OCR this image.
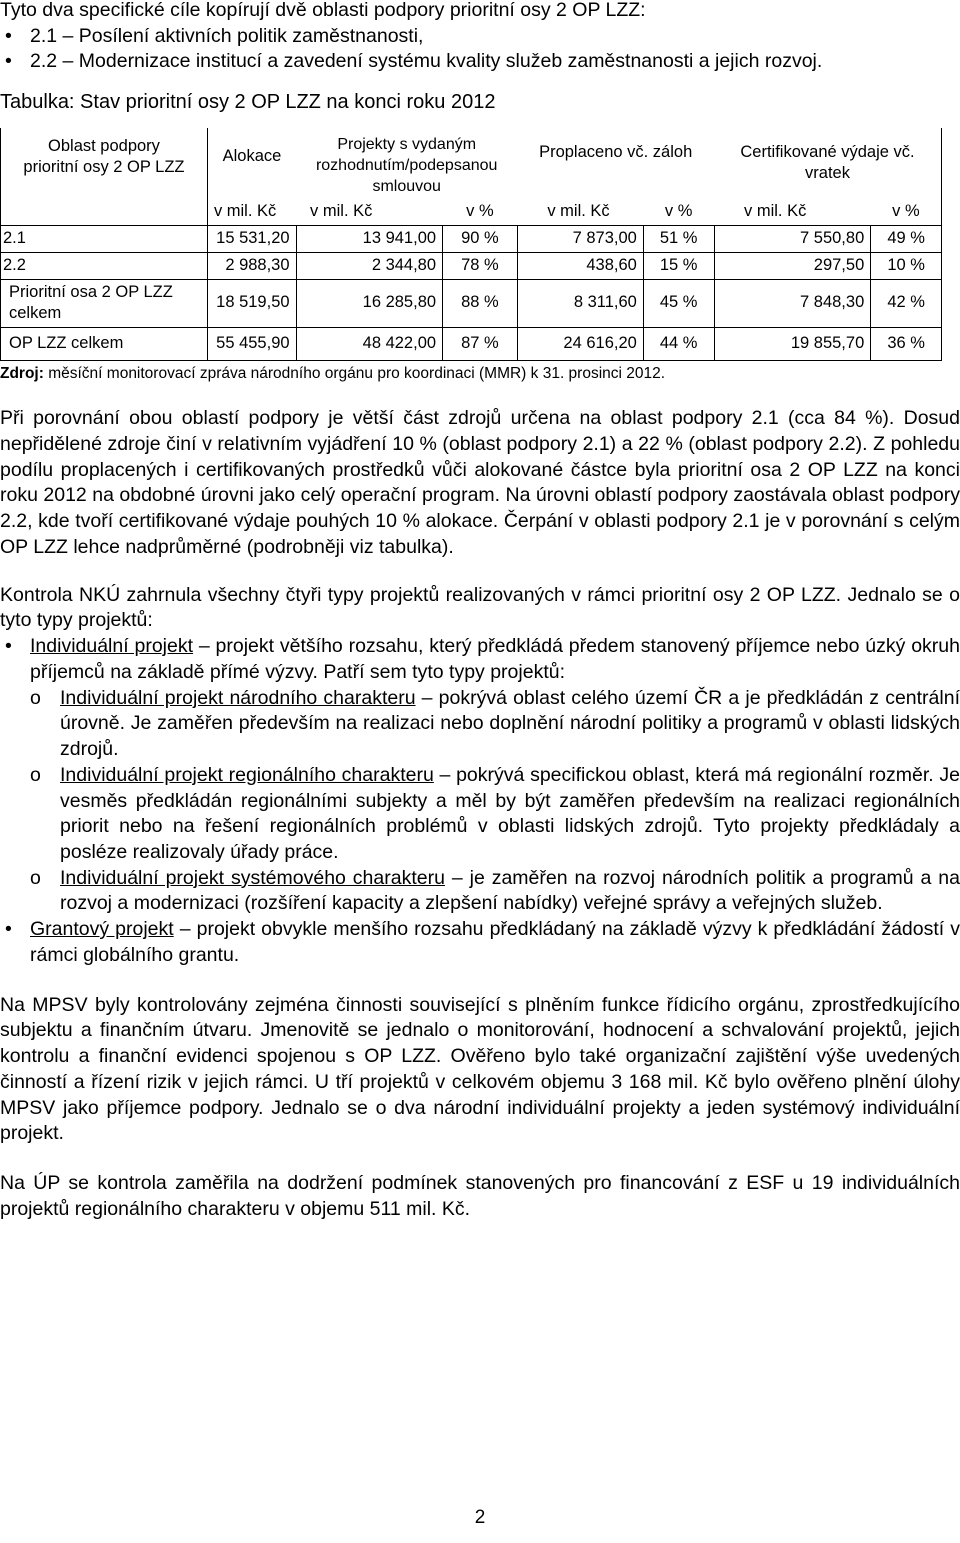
Tyto dva specifické cíle kopírují dvě oblasti podpory prioritní osy 2 OP LZZ:

• 2.1 – Posílení aktivních politik zaměstnanosti,
• 2.2 – Modernizace institucí a zavedení systému kvality služeb zaměstnanosti a jejich rozvoj.
Tabulka: Stav prioritní osy 2 OP LZZ na konci roku 2012
Oblast podpory prioritní osy 2 OP LZZ	Alokace	Projekty s vydaným rozhodnutím/podepsanou smlouvou		Proplaceno vč. záloh		Certifikované výdaje vč. vratek	
	v mil. Kč	v mil. Kč	v %	v mil. Kč	v %	v mil. Kč	v %
2.1	15 531,20	13 941,00	90 %	7 873,00	51 %	7 550,80	49 %
2.2	2 988,30	2 344,80	78 %	438,60	15 %	297,50	10 %
Prioritní osa 2 OP LZZ celkem	18 519,50	16 285,80	88 %	8 311,60	45 %	7 848,30	42 %
OP LZZ celkem	55 455,90	48 422,00	87 %	24 616,20	44 %	19 855,70	36 %
Zdroj: měsíční monitorovací zpráva národního orgánu pro koordinaci (MMR) k 31. prosinci 2012.

Při porovnání obou oblastí podpory je větší část zdrojů určena na oblast podpory 2.1 (cca 84 %). Dosud nepřidělené zdroje činí v relativním vyjádření 10 % (oblast podpory 2.1) a 22 % (oblast podpory 2.2). Z pohledu podílu proplacených i certifikovaných prostředků vůči alokované částce byla prioritní osa 2 OP LZZ na konci roku 2012 na obdobné úrovni jako celý operační program. Na úrovni oblastí podpory zaostávala oblast podpory 2.2, kde tvoří certifikované výdaje pouhých 10 % alokace. Čerpání v oblasti podpory 2.1 je v porovnání s celým OP LZZ lehce nadprůměrné (podrobněji viz tabulka).

Kontrola NKÚ zahrnula všechny čtyři typy projektů realizovaných v rámci prioritní osy 2 OP LZZ. Jednalo se o tyto typy projektů:

• Individuální projekt – projekt většího rozsahu, který předkládá předem stanovený příjemce nebo úzký okruh příjemců na základě přímé výzvy. Patří sem tyto typy projektů:
o Individuální projekt národního charakteru – pokrývá oblast celého území ČR a je předkládán z centrální úrovně. Je zaměřen především na realizaci nebo doplnění národní politiky a programů v oblasti lidských zdrojů.
o Individuální projekt regionálního charakteru – pokrývá specifickou oblast, která má regionální rozměr. Je vesměs předkládán regionálními subjekty a měl by být zaměřen především na realizaci regionálních priorit nebo na řešení regionálních problémů v oblasti lidských zdrojů. Tyto projekty předkládaly a posléze realizovaly úřady práce.
o Individuální projekt systémového charakteru – je zaměřen na rozvoj národních politik a programů a na rozvoj a modernizaci (rozšíření kapacity a zlepšení nabídky) veřejné správy a veřejných služeb.
• Grantový projekt – projekt obvykle menšího rozsahu předkládaný na základě výzvy k předkládání žádostí v rámci globálního grantu.

Na MPSV byly kontrolovány zejména činnosti související s plněním funkce řídicího orgánu, zprostředkujícího subjektu a finančním útvaru. Jmenovitě se jednalo o monitorování, hodnocení a schvalování projektů, jejich kontrolu a finanční evidenci spojenou s OP LZZ. Ověřeno bylo také organizační zajištění výše uvedených činností a řízení rizik v jejich rámci. U tří projektů v celkovém objemu 3 168 mil. Kč bylo ověřeno plnění úlohy MPSV jako příjemce podpory. Jednalo se o dva národní individuální projekty a jeden systémový individuální projekt.

Na ÚP se kontrola zaměřila na dodržení podmínek stanovených pro financování z ESF u 19 individuálních projektů regionálního charakteru v objemu 511 mil. Kč.

2
